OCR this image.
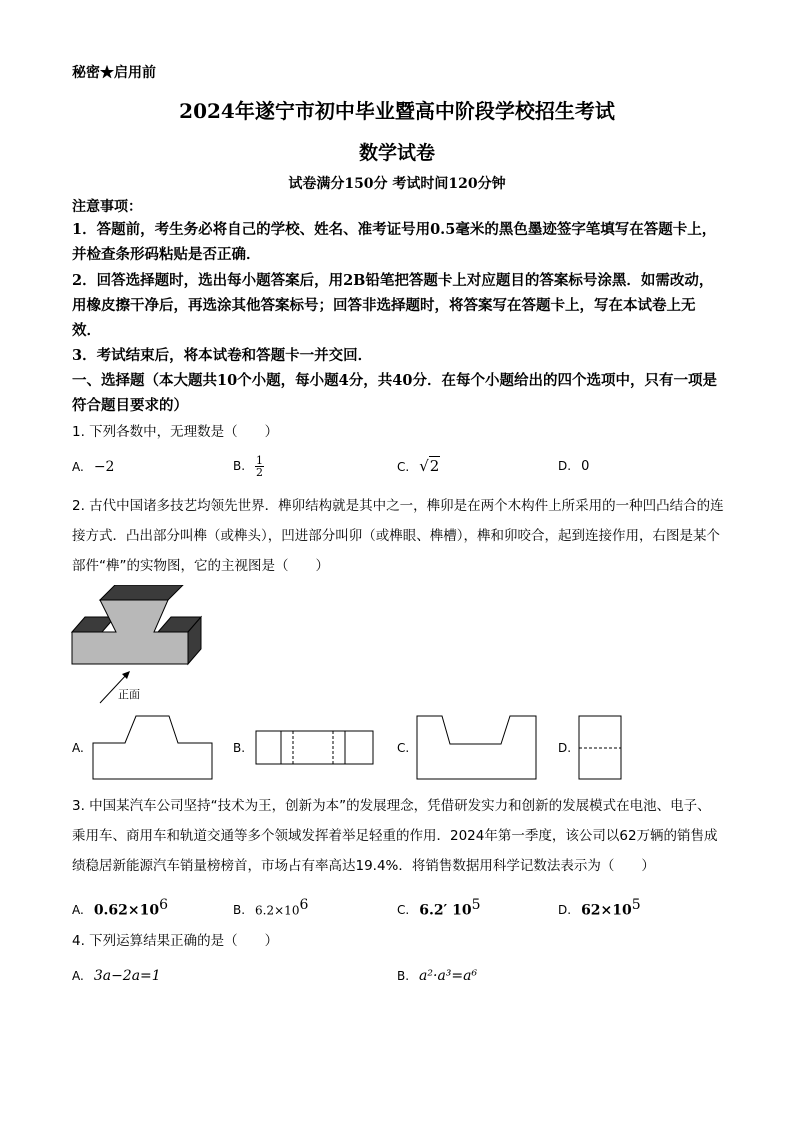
秘密★启用前
2024年遂宁市初中毕业暨高中阶段学校招生考试
数学试卷
试卷满分150分 考试时间120分钟
注意事项：
1．答题前，考生务必将自己的学校、姓名、准考证号用0.5毫米的黑色墨迹签字笔填写在答题卡上，并检查条形码粘贴是否正确．
2．回答选择题时，选出每小题答案后，用2B铅笔把答题卡上对应题目的答案标号涂黑．如需改动，用橡皮擦干净后，再选涂其他答案标号；回答非选择题时，将答案写在答题卡上，写在本试卷上无效．
3．考试结束后，将本试卷和答题卡一并交回．
一、选择题（本大题共10个小题，每小题4分，共40分．在每个小题给出的四个选项中，只有一项是符合题目要求的）
1. 下列各数中，无理数是（　　）
A. −2	B. $\frac{1}{2}$	C. √2	D. 0
2. 古代中国诸多技艺均领先世界．榫卯结构就是其中之一，榫卯是在两个木构件上所采用的一种凹凸结合的连接方式．凸出部分叫榫（或榫头），凹进部分叫卯（或榫眼、榫槽），榫和卯咬合，起到连接作用，右图是某个部件“榫”的实物图，它的主视图是（　　）
正面
A.	B.	C.	D.
3. 中国某汽车公司坚持“技术为王，创新为本”的发展理念，凭借研发实力和创新的发展模式在电池、电子、乘用车、商用车和轨道交通等多个领域发挥着举足轻重的作用．2024年第一季度，该公司以62万辆的销售成绩稳居新能源汽车销量榜榜首，市场占有率高达19.4%．将销售数据用科学记数法表示为（　　）
A. $0.62\times 10^6$	B. $6.2\times 10^6$	C. 6.2′ $10^5$	D. $62\times 10^5$
4. 下列运算结果正确的是（　　）
A. 3a−2a=1	B. a²·a³=a⁶
